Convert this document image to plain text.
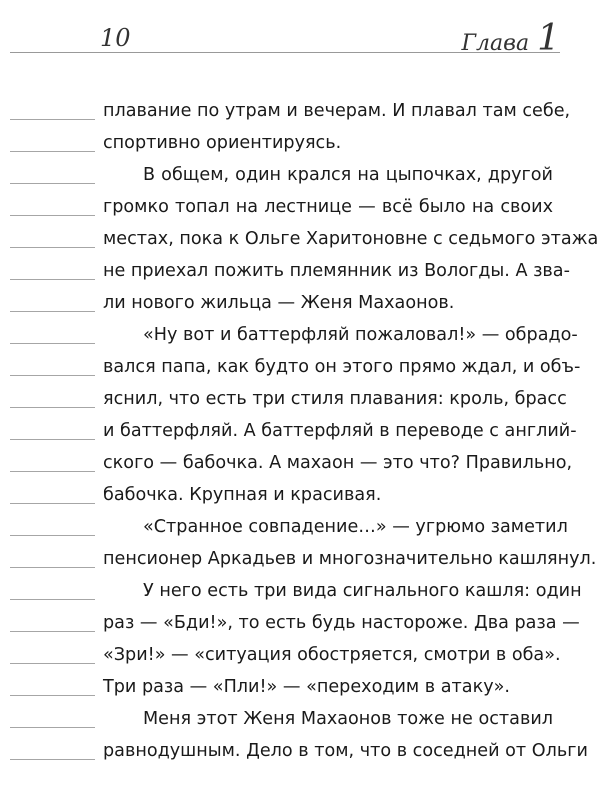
10	Глава 1
плавание по утрам и вечерам. И плавал там себе,
спортивно ориентируясь.
В общем, один крался на цыпочках, другой
громко топал на лестнице — всё было на своих
местах, пока к Ольге Харитоновне с седьмого этажа
не приехал пожить племянник из Вологды. А зва-
ли нового жильца — Женя Махаонов.
«Ну вот и баттерфляй пожаловал!» — обрадо-
вался папа, как будто он этого прямо ждал, и объ-
яснил, что есть три стиля плавания: кроль, брасс
и баттерфляй. А баттерфляй в переводе с англий-
ского — бабочка. А махаон — это что? Правильно,
бабочка. Крупная и красивая.
«Странное совпадение…» — угрюмо заметил
пенсионер Аркадьев и многозначительно кашлянул.
У него есть три вида сигнального кашля: один
раз — «Бди!», то есть будь настороже. Два раза —
«Зри!» — «ситуация обостряется, смотри в оба».
Три раза — «Пли!» — «переходим в атаку».
Меня этот Женя Махаонов тоже не оставил
равнодушным. Дело в том, что в соседней от Ольги
